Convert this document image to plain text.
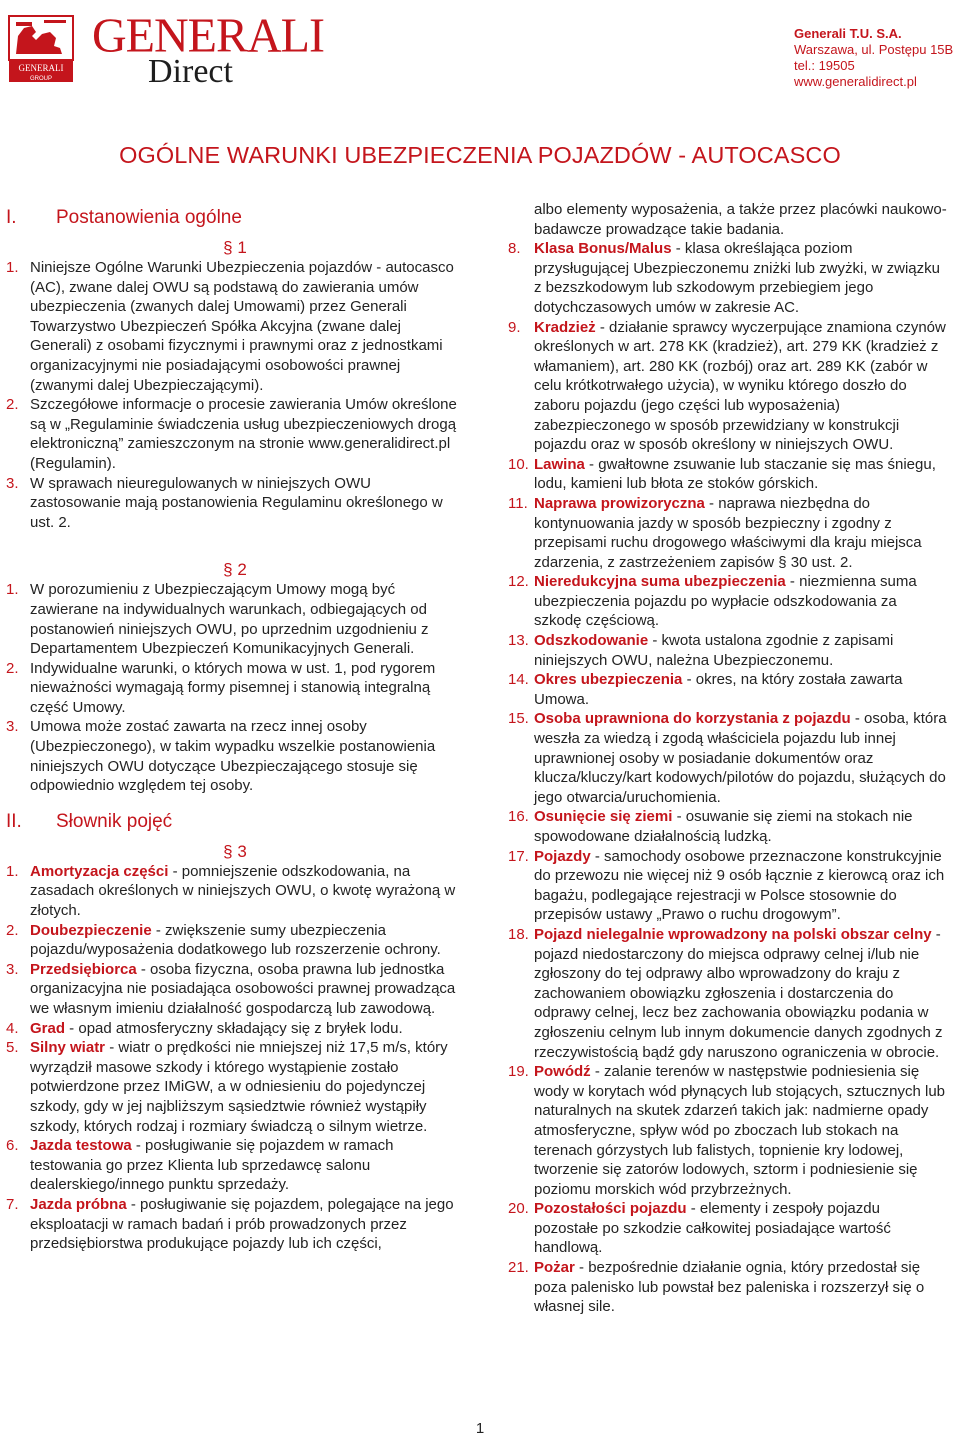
GENERALI
GROUP
GENERALI
Direct
Generali T.U. S.A.
Warszawa, ul. Postępu 15B
tel.: 19505
www.generalidirect.pl
OGÓLNE WARUNKI UBEZPIECZENIA POJAZDÓW - AUTOCASCO
I.	Postanowienia ogólne
§ 1
1. Niniejsze Ogólne Warunki Ubezpieczenia pojazdów - autocasco (AC), zwane dalej OWU są podstawą do zawierania umów ubezpieczenia (zwanych dalej Umowami) przez Generali Towarzystwo Ubezpieczeń Spółka Akcyjna (zwane dalej Generali) z osobami fizycznymi i prawnymi oraz z jednostkami organizacyjnymi nie posiadającymi osobowości prawnej (zwanymi dalej Ubezpieczającymi).
2. Szczegółowe informacje o procesie zawierania Umów określone są w „Regulaminie świadczenia usług ubezpieczeniowych drogą elektroniczną” zamieszczonym na stronie www.generalidirect.pl (Regulamin).
3. W sprawach nieuregulowanych w niniejszych OWU zastosowanie mają postanowienia Regulaminu określonego w ust. 2.
§ 2
1. W porozumieniu z Ubezpieczającym Umowy mogą być zawierane na indywidualnych warunkach, odbiegających od postanowień niniejszych OWU, po uprzednim uzgodnieniu z Departamentem Ubezpieczeń Komunikacyjnych Generali.
2. Indywidualne warunki, o których mowa w ust. 1, pod rygorem nieważności wymagają formy pisemnej i stanowią integralną część Umowy.
3. Umowa może zostać zawarta na rzecz innej osoby (Ubezpieczonego), w takim wypadku wszelkie postanowienia niniejszych OWU dotyczące Ubezpieczającego stosuje się odpowiednio względem tej osoby.
II.	Słownik pojęć
§ 3
1. Amortyzacja części - pomniejszenie odszkodowania, na zasadach określonych w niniejszych OWU, o kwotę wyrażoną w złotych.
2. Doubezpieczenie - zwiększenie sumy ubezpieczenia pojazdu/wyposażenia dodatkowego lub rozszerzenie ochrony.
3. Przedsiębiorca - osoba fizyczna, osoba prawna lub jednostka organizacyjna nie posiadająca osobowości prawnej prowadząca we własnym imieniu działalność gospodarczą lub zawodową.
4. Grad - opad atmosferyczny składający się z bryłek lodu.
5. Silny wiatr - wiatr o prędkości nie mniejszej niż 17,5 m/s, który wyrządził masowe szkody i którego wystąpienie zostało potwierdzone przez IMiGW, a w odniesieniu do pojedynczej szkody, gdy w jej najbliższym sąsiedztwie również wystąpiły szkody, których rodzaj i rozmiary świadczą o silnym wietrze.
6. Jazda testowa - posługiwanie się pojazdem w ramach testowania go przez Klienta lub sprzedawcę salonu dealerskiego/innego punktu sprzedaży.
7. Jazda próbna - posługiwanie się pojazdem, polegające na jego eksploatacji w ramach badań i prób prowadzonych przez przedsiębiorstwa produkujące pojazdy lub ich części,
albo elementy wyposażenia, a także przez placówki naukowo-badawcze prowadzące takie badania.
8. Klasa Bonus/Malus - klasa określająca poziom przysługującej Ubezpieczonemu zniżki lub zwyżki, w związku z bezszkodowym lub szkodowym przebiegiem jego dotychczasowych umów w zakresie AC.
9. Kradzież - działanie sprawcy wyczerpujące znamiona czynów określonych w art. 278 KK (kradzież), art. 279 KK (kradzież z włamaniem), art. 280 KK (rozbój) oraz art. 289 KK (zabór w celu krótkotrwałego użycia), w wyniku którego doszło do zaboru pojazdu (jego części lub wyposażenia) zabezpieczonego w sposób przewidziany w konstrukcji pojazdu oraz w sposób określony w niniejszych OWU.
10. Lawina - gwałtowne zsuwanie lub staczanie się mas śniegu, lodu, kamieni lub błota ze stoków górskich.
11. Naprawa prowizoryczna - naprawa niezbędna do kontynuowania jazdy w sposób bezpieczny i zgodny z przepisami ruchu drogowego właściwymi dla kraju miejsca zdarzenia, z zastrzeżeniem zapisów § 30 ust. 2.
12. Nieredukcyjna suma ubezpieczenia - niezmienna suma ubezpieczenia pojazdu po wypłacie odszkodowania za szkodę częściową.
13. Odszkodowanie - kwota ustalona zgodnie z zapisami niniejszych OWU, należna Ubezpieczonemu.
14. Okres ubezpieczenia - okres, na który została zawarta Umowa.
15. Osoba uprawniona do korzystania z pojazdu - osoba, która weszła za wiedzą i zgodą właściciela pojazdu lub innej uprawnionej osoby w posiadanie dokumentów oraz klucza/kluczy/kart kodowych/pilotów do pojazdu, służących do jego otwarcia/uruchomienia.
16. Osunięcie się ziemi - osuwanie się ziemi na stokach nie spowodowane działalnością ludzką.
17. Pojazdy - samochody osobowe przeznaczone konstrukcyjnie do przewozu nie więcej niż 9 osób łącznie z kierowcą oraz ich bagażu, podlegające rejestracji w Polsce stosownie do przepisów ustawy „Prawo o ruchu drogowym”.
18. Pojazd nielegalnie wprowadzony na polski obszar celny - pojazd niedostarczony do miejsca odprawy celnej i/lub nie zgłoszony do tej odprawy albo wprowadzony do kraju z zachowaniem obowiązku zgłoszenia i dostarczenia do odprawy celnej, lecz bez zachowania obowiązku podania w zgłoszeniu celnym lub innym dokumencie danych zgodnych z rzeczywistością bądź gdy naruszono ograniczenia w obrocie.
19. Powódź - zalanie terenów w następstwie podniesienia się wody w korytach wód płynących lub stojących, sztucznych lub naturalnych na skutek zdarzeń takich jak: nadmierne opady atmosferyczne, spływ wód po zboczach lub stokach na terenach górzystych lub falistych, topnienie kry lodowej, tworzenie się zatorów lodowych, sztorm i podniesienie się poziomu morskich wód przybrzeżnych.
20. Pozostałości pojazdu - elementy i zespoły pojazdu pozostałe po szkodzie całkowitej posiadające wartość handlową.
21. Pożar - bezpośrednie działanie ognia, który przedostał się poza palenisko lub powstał bez paleniska i rozszerzył się o własnej sile.
1
